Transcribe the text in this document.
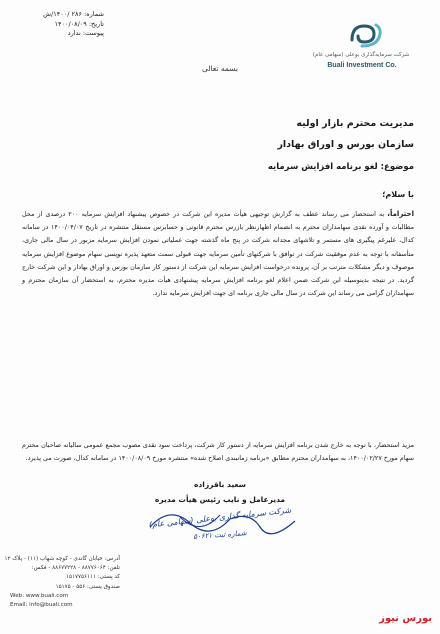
شماره: ۲۸۶ /۱۴۰۰/ش
تاریخ: ۱۴۰۰/۰۸/۰۹
پیوست: ندارد
شرکت سرمایه‌گذاری بوعلی (سهامی عام)
Buali Investment Co.
بسمه تعالی
مدیریت محترم بازار اولیه
سازمان بورس و اوراق بهادار
موضوع: لغو برنامه افزایش سرمایه
با سلام؛
احتراماً، به استحضار می رساند عطف به گزارش توجیهی هیأت مدیره این شرکت در خصوص پیشنهاد افزایش سرمایه ۲۰۰ درصدی از محل مطالبات و آورده نقدی سهامداران محترم به انضمام اظهارنظر بازرس محترم قانونی و حسابرس مستقل منتشره در تاریخ ۱۴۰۰/۰۴/۰۷ در سامانه کدال، علیرغم پیگیری های مستمر و تلاشهای مجدانه شرکت در پنج ماه گذشته جهت عملیاتی نمودن افزایش سرمایه مزبور در سال مالی جاری، متأسفانه با توجه به عدم موفقیت شرکت در توافق با شرکتهای تأمین سرمایه جهت قبولی سمت متعهد پذیره نویسی سهام موضوع افزایش سرمایه موصوف و دیگر مشکلات مترتب بر آن، پرونده درخواست افزایش سرمایه این شرکت از دستور کار سازمان بورس و اوراق بهادار و این شرکت خارج گردید. در نتیجه بدینوسیله این شرکت ضمن اعلام لغو برنامه افزایش سرمایه پیشنهادی هیأت مدیره محترم، به استحضار آن سازمان محترم و سهامداران گرامی می رساند این شرکت در سال مالی جاری برنامه ای جهت افزایش سرمایه ندارد.
مزید استحضار، با توجه به خارج شدن برنامه افزایش سرمایه از دستور کار شرکت، پرداخت سود نقدی مصوب مجمع عمومی سالیانه صاحبان محترم سهام مورخ ۱۴۰۰/۰۲/۲۷، به سهامداران محترم مطابق «برنامه زمانبندی اصلاح شده» منتشره مورخ ۱۴۰۰/۰۸/۰۹ در سامانه کدال، صورت می پذیرد.
سعید باقرزاده
مدیرعامل و نایب رئیس هیأت مدیره
شرکت سرمایه گذاری بوعلی (سهامی عام)
شماره ثبت ۵۰۶۲۱
آدرس: خیابان گاندی - کوچه شهاب (۱۱) - پلاک ۱۲
تلفن: ۸۸۷۷۶۰۶۴ - ۸۸۶۷۷۲۲۸ - فکس:
کد پستی: ۱۵۱۷۷۵۶۱۱۱
صندوق پستی: ۵۵۶ - ۱۵۱۷۵
Web: www.buali.com
Email: info@buali.com
بورس نیوز
